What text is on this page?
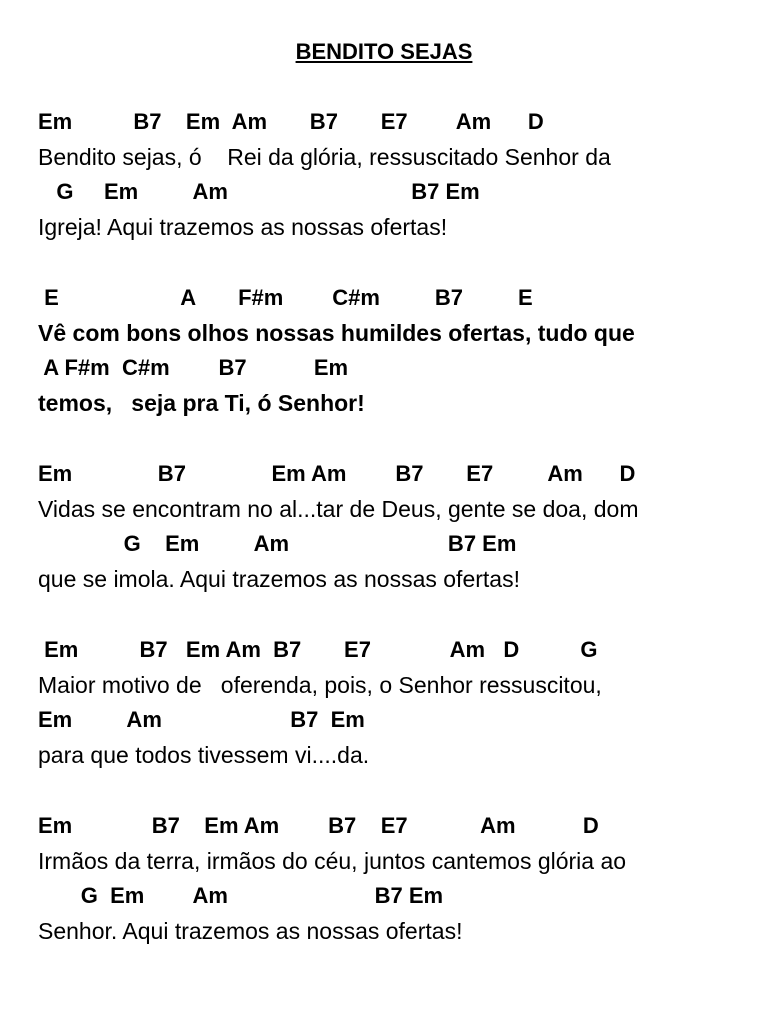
BENDITO SEJAS
Em          B7    Em  Am       B7       E7        Am      D
Bendito sejas, ó    Rei da glória, ressuscitado Senhor da
G     Em         Am                              B7 Em
Igreja! Aqui trazemos as nossas ofertas!
E                    A       F#m        C#m         B7         E
Vê com bons olhos nossas humildes ofertas, tudo que
A F#m  C#m        B7           Em
temos,   seja pra Ti, ó Senhor!
Em              B7              Em Am        B7       E7         Am      D
Vidas se encontram no al...tar de Deus, gente se doa, dom
G    Em         Am                          B7 Em
que se imola. Aqui trazemos as nossas ofertas!
Em          B7   Em Am  B7       E7             Am   D          G
Maior motivo de   oferenda, pois, o Senhor ressuscitou,
Em         Am                     B7  Em
para que todos tivessem vi....da.
Em             B7    Em Am        B7    E7            Am           D
Irmãos da terra, irmãos do céu, juntos cantemos glória ao
G  Em        Am                        B7 Em
Senhor. Aqui trazemos as nossas ofertas!
